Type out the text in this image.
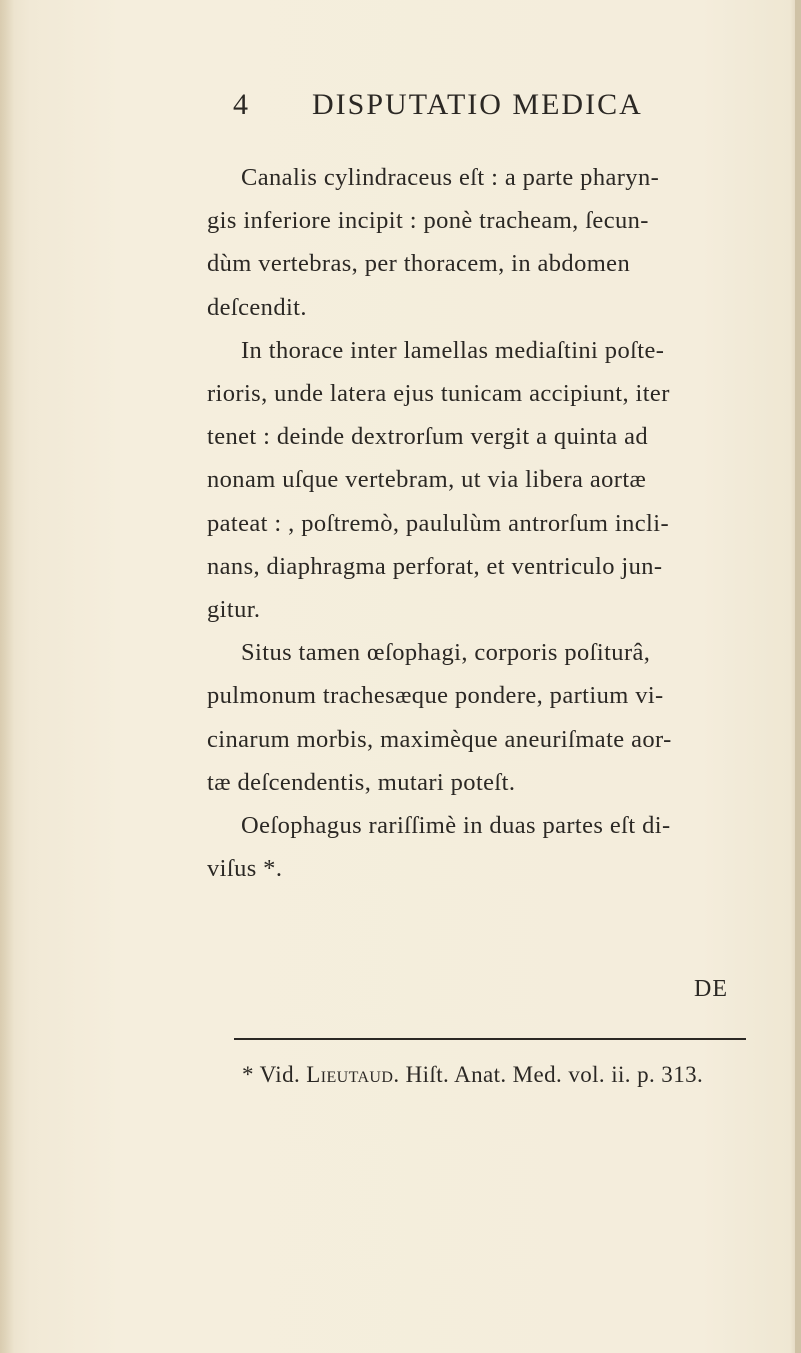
4 DISPUTATIO MEDICA

Canalis cylindraceus eſt : a parte pharyn-
gis inferiore incipit : ponè tracheam, ſecun-
dùm vertebras, per thoracem, in abdomen
deſcendit.

In thorace inter lamellas mediaſtini poſte-
rioris, unde latera ejus tunicam accipiunt, iter
tenet : deinde dextrorſum vergit a quinta ad
nonam uſque vertebram, ut via libera aortæ
pateat : , poſtremò, paululùm antrorſum incli-
nans, diaphragma perforat, et ventriculo jun-
gitur.

Situs tamen œſophagi, corporis poſiturâ,
pulmonum trachesæque pondere, partium vi-
cinarum morbis, maximèque aneuriſmate aor-
tæ deſcendentis, mutari poteſt.

Oeſophagus rariſſimè in duas partes eſt di-
viſus *.

DE
* Vid. Lieutaud. Hiſt. Anat. Med. vol. ii. p. 313.
